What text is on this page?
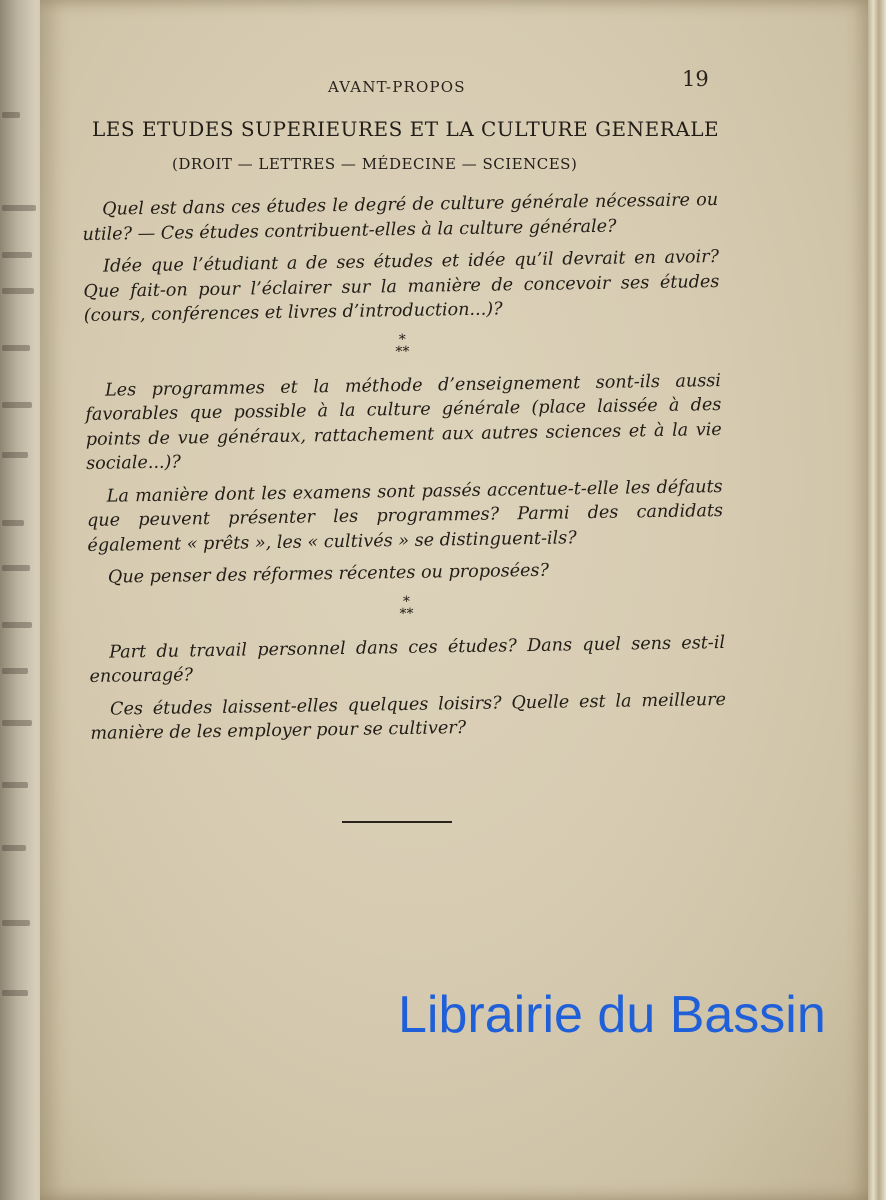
AVANT-PROPOS	19
LES ETUDES SUPERIEURES ET LA CULTURE GENERALE
(DROIT — LETTRES — MÉDECINE — SCIENCES)

Quel est dans ces études le degré de culture générale nécessaire ou utile? — Ces études contribuent-elles à la culture générale?

Idée que l’étudiant a de ses études et idée qu’il devrait en avoir? Que fait-on pour l’éclairer sur la manière de concevoir ses études (cours, conférences et livres d’introduction...)?

*
**

Les programmes et la méthode d’enseignement sont-ils aussi favorables que possible à la culture générale (place laissée à des points de vue généraux, rattachement aux autres sciences et à la vie sociale...)?

La manière dont les examens sont passés accentue-t-elle les défauts que peuvent présenter les programmes? Parmi des candidats également « prêts », les « cultivés » se distinguent-ils?

Que penser des réformes récentes ou proposées?

*
**

Part du travail personnel dans ces études? Dans quel sens est-il encouragé?

Ces études laissent-elles quelques loisirs? Quelle est la meilleure manière de les employer pour se cultiver?

Librairie du Bassin
